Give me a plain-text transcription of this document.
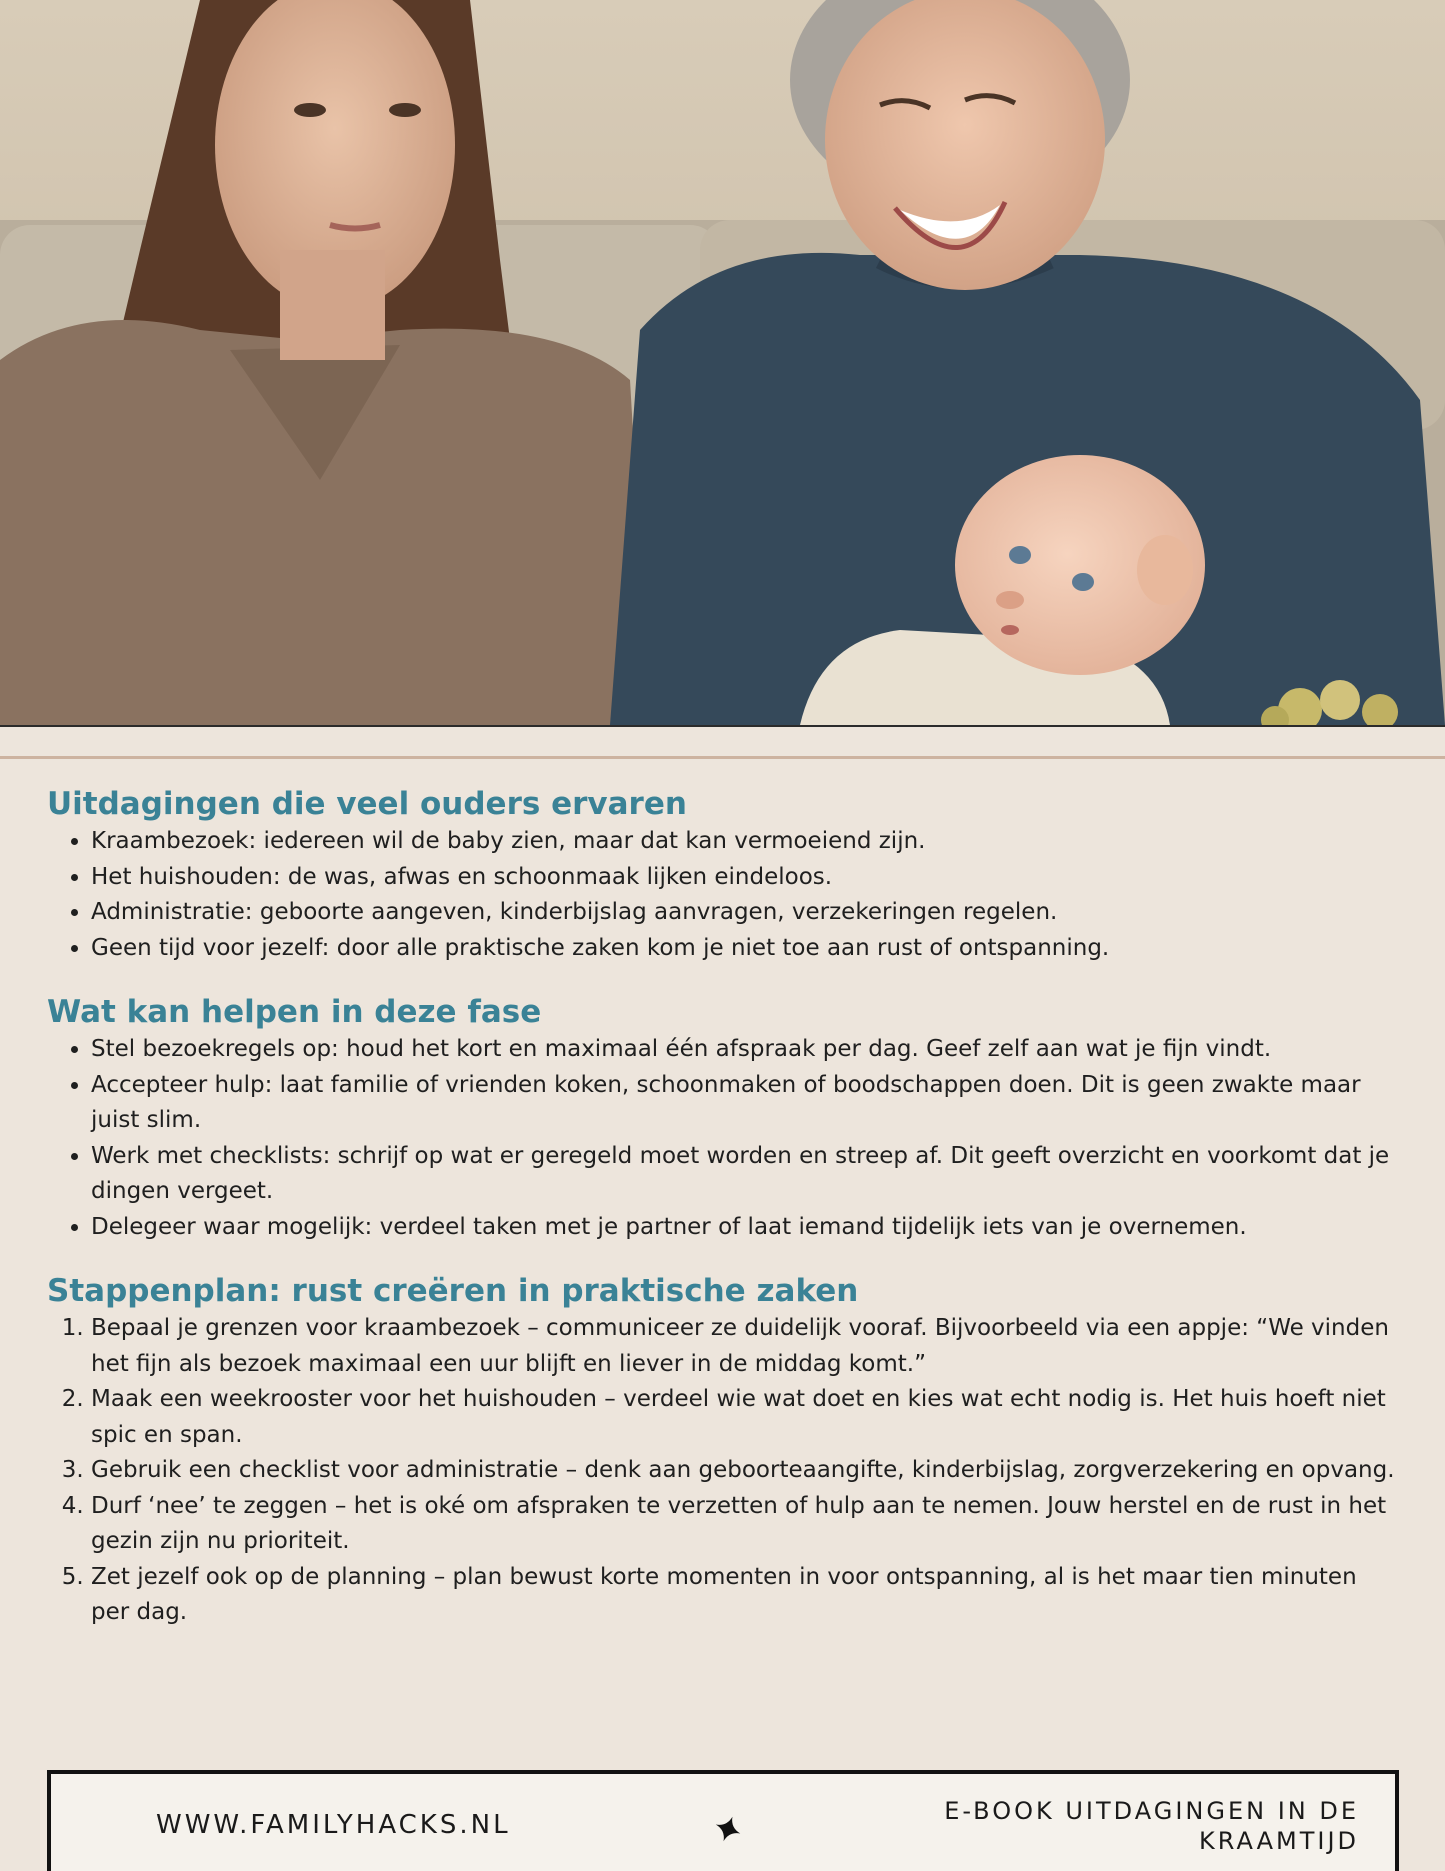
Uitdagingen die veel ouders ervaren
• Kraambezoek: iedereen wil de baby zien, maar dat kan vermoeiend zijn.
• Het huishouden: de was, afwas en schoonmaak lijken eindeloos.
• Administratie: geboorte aangeven, kinderbijslag aanvragen, verzekeringen regelen.
• Geen tijd voor jezelf: door alle praktische zaken kom je niet toe aan rust of ontspanning.
Wat kan helpen in deze fase
• Stel bezoekregels op: houd het kort en maximaal één afspraak per dag. Geef zelf aan wat je fijn vindt.
• Accepteer hulp: laat familie of vrienden koken, schoonmaken of boodschappen doen. Dit is geen zwakte maar juist slim.
• Werk met checklists: schrijf op wat er geregeld moet worden en streep af. Dit geeft overzicht en voorkomt dat je dingen vergeet.
• Delegeer waar mogelijk: verdeel taken met je partner of laat iemand tijdelijk iets van je overnemen.
Stappenplan: rust creëren in praktische zaken
1. Bepaal je grenzen voor kraambezoek – communiceer ze duidelijk vooraf. Bijvoorbeeld via een appje: “We vinden het fijn als bezoek maximaal een uur blijft en liever in de middag komt.”
2. Maak een weekrooster voor het huishouden – verdeel wie wat doet en kies wat echt nodig is. Het huis hoeft niet spic en span.
3. Gebruik een checklist voor administratie – denk aan geboorteaangifte, kinderbijslag, zorgverzekering en opvang.
4. Durf ‘nee’ te zeggen – het is oké om afspraken te verzetten of hulp aan te nemen. Jouw herstel en de rust in het gezin zijn nu prioriteit.
5. Zet jezelf ook op de planning – plan bewust korte momenten in voor ontspanning, al is het maar tien minuten per dag.
WWW.FAMILYHACKS.NL	E-BOOK UITDAGINGEN IN DE KRAAMTIJD
